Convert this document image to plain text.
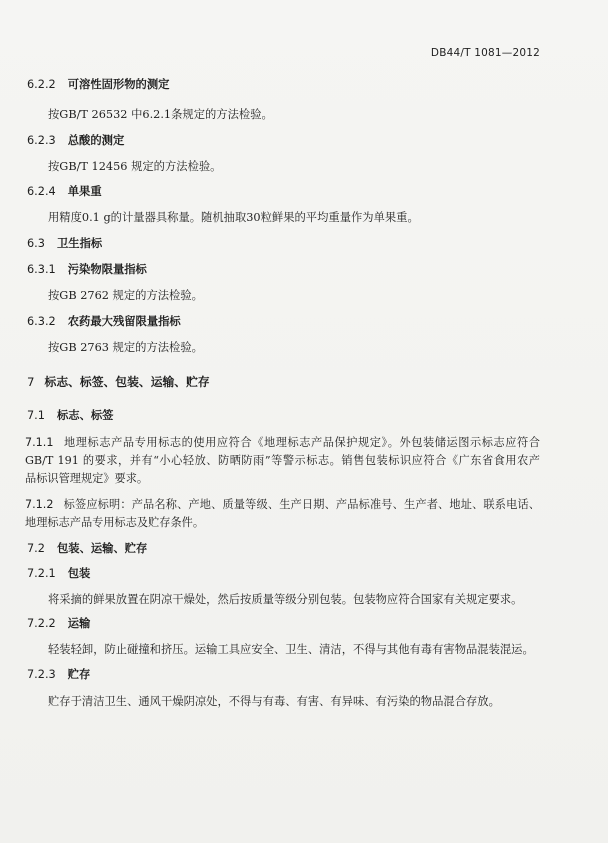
DB44/T 1081—2012
6.2.2 可溶性固形物的测定
按GB/T 26532 中6.2.1条规定的方法检验。
6.2.3 总酸的测定
按GB/T 12456 规定的方法检验。
6.2.4 单果重
用精度0.1 g的计量器具称量。随机抽取30粒鲜果的平均重量作为单果重。
6.3 卫生指标
6.3.1 污染物限量指标
按GB 2762 规定的方法检验。
6.3.2 农药最大残留限量指标
按GB 2763 规定的方法检验。
7 标志、标签、包装、运输、贮存
7.1 标志、标签
7.1.1 地理标志产品专用标志的使用应符合《地理标志产品保护规定》。外包装储运图示标志应符合
GB/T 191 的要求，并有“小心轻放、防晒防雨”等警示标志。销售包装标识应符合《广东省食用农产
品标识管理规定》要求。
7.1.2 标签应标明：产品名称、产地、质量等级、生产日期、产品标准号、生产者、地址、联系电话、
地理标志产品专用标志及贮存条件。
7.2 包装、运输、贮存
7.2.1 包装
将采摘的鲜果放置在阴凉干燥处，然后按质量等级分别包装。包装物应符合国家有关规定要求。
7.2.2 运输
轻装轻卸，防止碰撞和挤压。运输工具应安全、卫生、清洁，不得与其他有毒有害物品混装混运。
7.2.3 贮存
贮存于清洁卫生、通风干燥阴凉处，不得与有毒、有害、有异味、有污染的物品混合存放。
